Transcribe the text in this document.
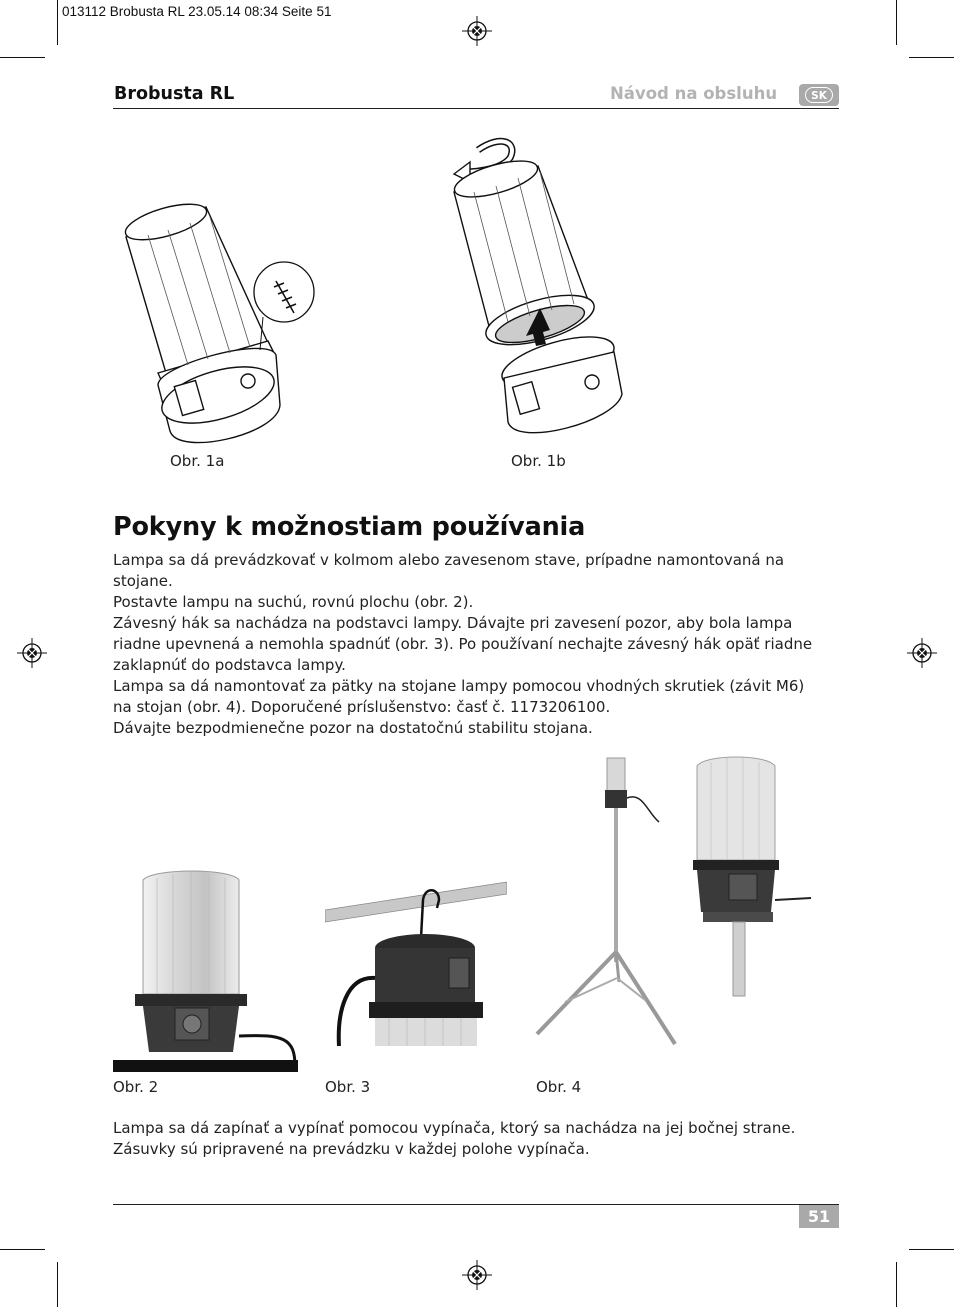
013112 Brobusta RL 23.05.14 08:34 Seite 51
Brobusta RL	Návod na obsluhu	SK
Obr. 1a	Obr. 1b
Pokyny k možnostiam používania

Lampa sa dá prevádzkovať v kolmom alebo zavesenom stave, prípadne namontovaná na

stojane.

Postavte lampu na suchú, rovnú plochu (obr. 2).

Závesný hák sa nachádza na podstavci lampy. Dávajte pri zavesení pozor, aby bola lampa

riadne upevnená a nemohla spadnúť (obr. 3). Po používaní nechajte závesný hák opäť riadne

zaklapnúť do podstavca lampy.

Lampa sa dá namontovať za pätky na stojane lampy pomocou vhodných skrutiek (závit M6)

na stojan (obr. 4). Doporučené príslušenstvo: časť č. 1173206100.

Dávajte bezpodmienečne pozor na dostatočnú stabilitu stojana.

Obr. 2	Obr. 3	Obr. 4

Lampa sa dá zapínať a vypínať pomocou vypínača, ktorý sa nachádza na jej bočnej strane.

Zásuvky sú pripravené na prevádzku v každej polohe vypínača.

51
